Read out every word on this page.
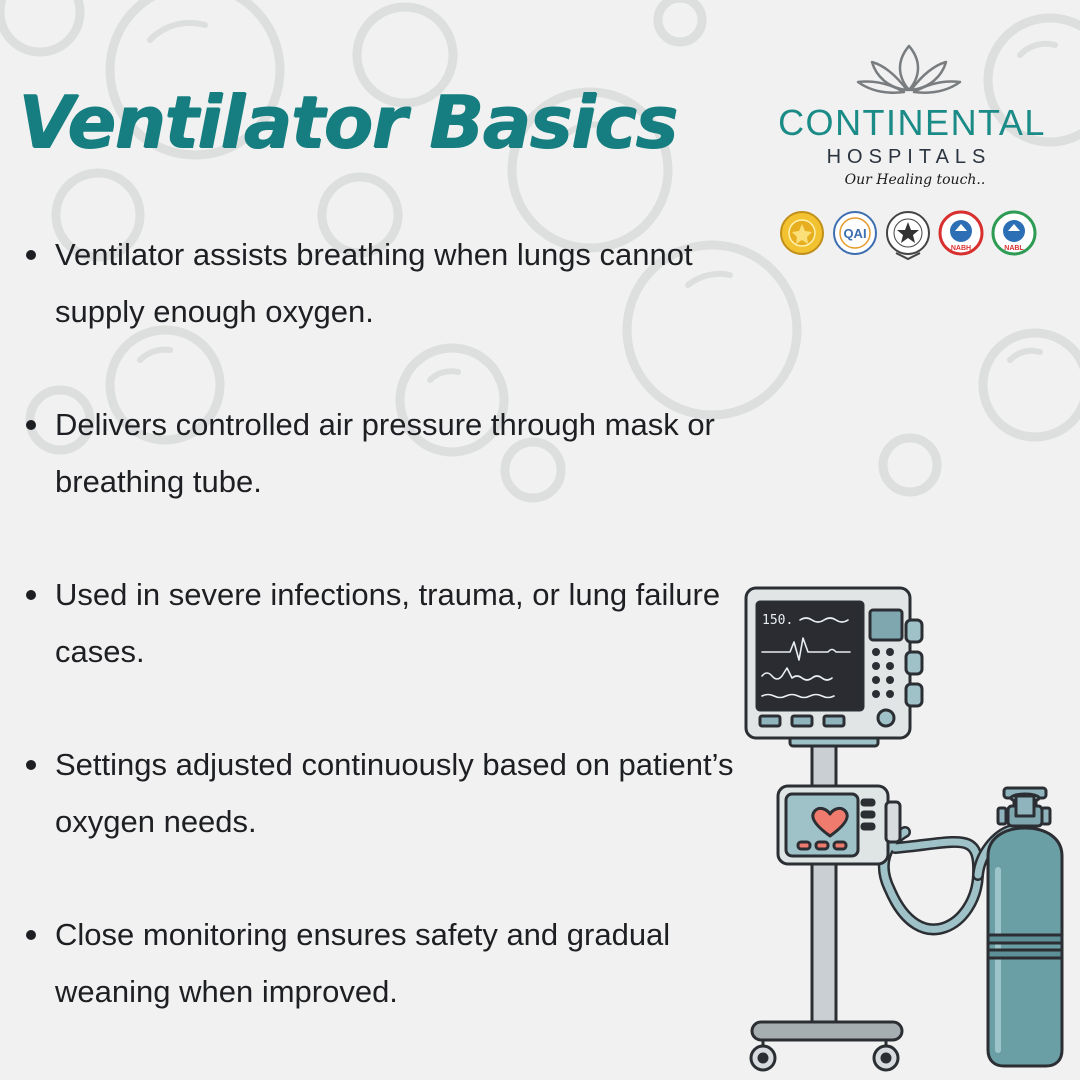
Ventilator Basics
Ventilator assists breathing when lungs cannot supply enough oxygen.
Delivers controlled air pressure through mask or breathing tube.
Used in severe infections, trauma, or lung failure cases.
Settings adjusted continuously based on patient’s oxygen needs.
Close monitoring ensures safety and gradual weaning when improved.
CONTINENTAL
HOSPITALS
Our Healing touch..
QAI
NABH	NABL
150.
